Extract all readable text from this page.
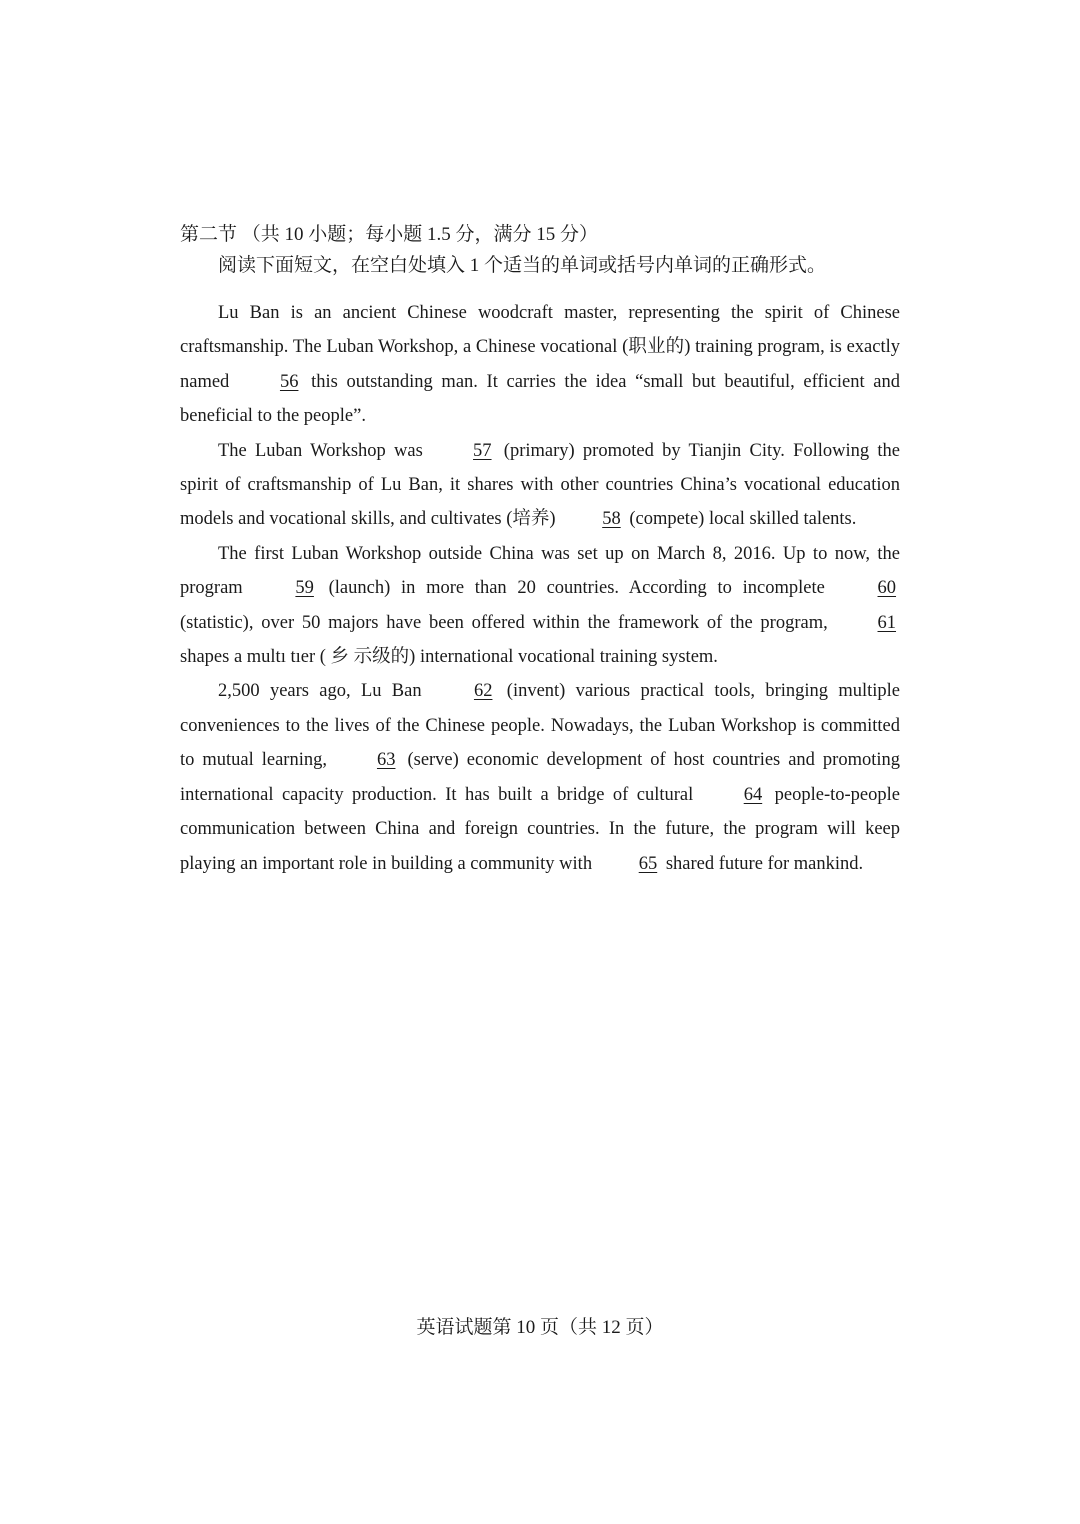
第二节 （共 10 小题；每小题 1.5 分，满分 15 分）
阅读下面短文，在空白处填入 1 个适当的单词或括号内单词的正确形式。

Lu Ban is an ancient Chinese woodcraft master, representing the spirit of Chinese craftsmanship. The Luban Workshop, a Chinese vocational (职业的) training program, is exactly named	56 this outstanding man. It carries the idea “small but beautiful, efficient and beneficial to the people”.

The Luban Workshop was	57 (primary) promoted by Tianjin City. Following the spirit of craftsmanship of Lu Ban, it shares with other countries China’s vocational education models and vocational skills, and cultivates (培养)	58 (compete) local skilled talents.

The first Luban Workshop outside China was set up on March 8, 2016. Up to now, the program	59 (launch) in more than 20 countries. According to incomplete	60 (statistic), over 50 majors have been offered within the framework of the program,	61 shapes a multı tıer ( 乡 示级的) international vocational training system.

2,500 years ago, Lu Ban	62 (invent) various practical tools, bringing multiple conveniences to the lives of the Chinese people. Nowadays, the Luban Workshop is committed to mutual learning,	63 (serve) economic development of host countries and promoting international capacity production. It has built a bridge of cultural	64 people-to-people communication between China and foreign countries. In the future, the program will keep playing an important role in building a community with	65 shared future for mankind.

英语试题第 10 页（共 12 页）
